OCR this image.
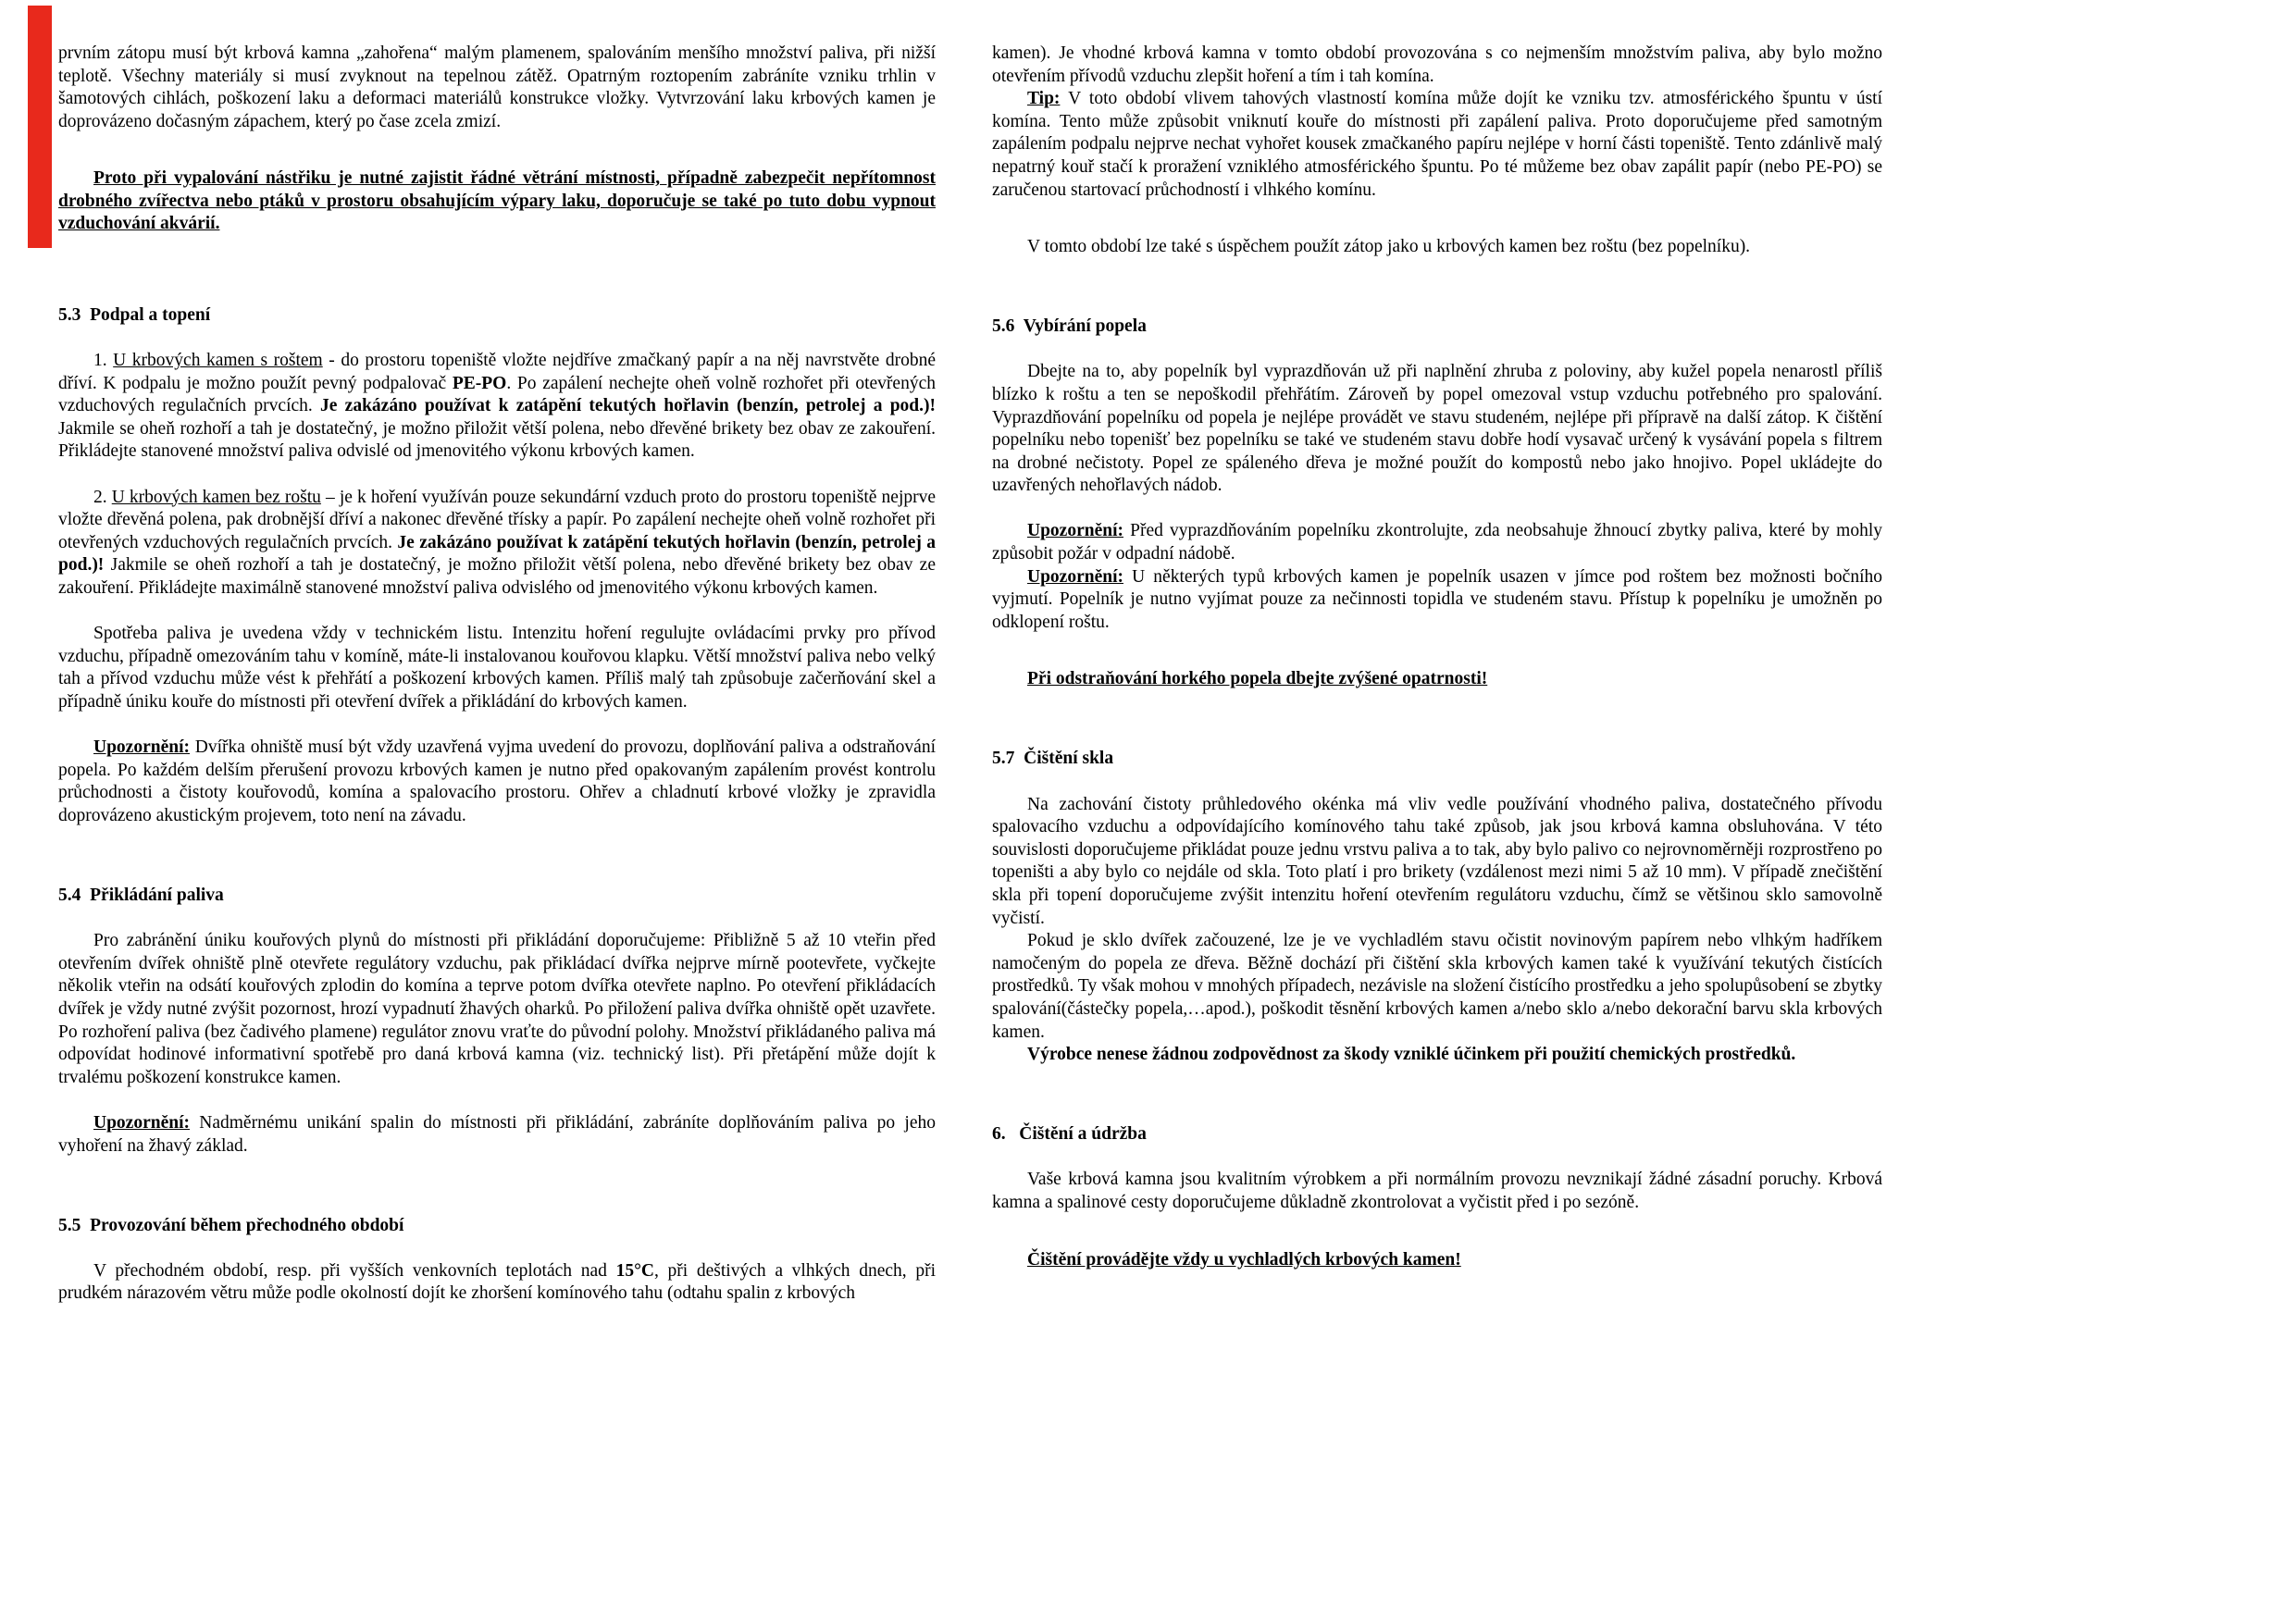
prvním zátopu musí být krbová kamna „zahořena“ malým plamenem, spalováním menšího množství paliva, při nižší teplotě. Všechny materiály si musí zvyknout na tepelnou zátěž. Opatrným roztopením zabráníte vzniku trhlin v šamotových cihlách, poškození laku a deformaci materiálů konstrukce vložky. Vytvrzování laku krbových kamen je doprovázeno dočasným zápachem, který po čase zcela zmizí.

Proto při vypalování nástřiku je nutné zajistit řádné větrání místnosti, případně zabezpečit nepřítomnost drobného zvířectva nebo ptáků v prostoru obsahujícím výpary laku, doporučuje se také po tuto dobu vypnout vzduchování akvárií.

5.3  Podpal a topení

1. U krbových kamen s roštem - do prostoru topeniště vložte nejdříve zmačkaný papír a na něj navrstvěte drobné dříví. K podpalu je možno použít pevný podpalovač PE-PO. Po zapálení nechejte oheň volně rozhořet při otevřených vzduchových regulačních prvcích. Je zakázáno používat k zatápění tekutých hořlavin (benzín, petrolej a pod.)! Jakmile se oheň rozhoří a tah je dostatečný, je možno přiložit větší polena, nebo dřevěné brikety bez obav ze zakouření. Přikládejte stanovené množství paliva odvislé od jmenovitého výkonu krbových kamen.

2. U krbových kamen bez roštu – je k hoření využíván pouze sekundární vzduch proto do prostoru topeniště nejprve vložte dřevěná polena, pak drobnější dříví a nakonec dřevěné třísky a papír. Po zapálení nechejte oheň volně rozhořet při otevřených vzduchových regulačních prvcích. Je zakázáno používat k zatápění tekutých hořlavin (benzín, petrolej a pod.)! Jakmile se oheň rozhoří a tah je dostatečný, je možno přiložit větší polena, nebo dřevěné brikety bez obav ze zakouření. Přikládejte maximálně stanovené množství paliva odvislého od jmenovitého výkonu krbových kamen.

Spotřeba paliva je uvedena vždy v technickém listu. Intenzitu hoření regulujte ovládacími prvky pro přívod vzduchu, případně omezováním tahu v komíně, máte-li instalovanou kouřovou klapku. Větší množství paliva nebo velký tah a přívod vzduchu může vést k přehřátí a poškození krbových kamen. Příliš malý tah způsobuje začerňování skel a případně úniku kouře do místnosti při otevření dvířek a přikládání do krbových kamen.

Upozornění: Dvířka ohniště musí být vždy uzavřená vyjma uvedení do provozu, doplňování paliva a odstraňování popela. Po každém delším přerušení provozu krbových kamen je nutno před opakovaným zapálením provést kontrolu průchodnosti a čistoty kouřovodů, komína a spalovacího prostoru. Ohřev a chladnutí krbové vložky je zpravidla doprovázeno akustickým projevem, toto není na závadu.

5.4  Přikládání paliva

Pro zabránění úniku kouřových plynů do místnosti při přikládání doporučujeme: Přibližně 5 až 10 vteřin před otevřením dvířek ohniště plně otevřete regulátory vzduchu, pak přikládací dvířka nejprve mírně pootevřete, vyčkejte několik vteřin na odsátí kouřových zplodin do komína a teprve potom dvířka otevřete naplno. Po otevření přikládacích dvířek je vždy nutné zvýšit pozornost, hrozí vypadnutí žhavých oharků. Po přiložení paliva dvířka ohniště opět uzavřete. Po rozhoření paliva (bez čadivého plamene) regulátor znovu vraťte do původní polohy. Množství přikládaného paliva má odpovídat hodinové informativní spotřebě pro daná krbová kamna (viz. technický list). Při přetápění může dojít k trvalému poškození konstrukce kamen.

Upozornění: Nadměrnému unikání spalin do místnosti při přikládání, zabráníte doplňováním paliva po jeho vyhoření na žhavý základ.

5.5  Provozování během přechodného období

V přechodném období, resp. při vyšších venkovních teplotách nad 15°C, při deštivých a vlhkých dnech, při prudkém nárazovém větru může podle okolností dojít ke zhoršení komínového tahu (odtahu spalin z krbových

kamen). Je vhodné krbová kamna v tomto období provozována s co nejmenším množstvím paliva, aby bylo možno otevřením přívodů vzduchu zlepšit hoření a tím i tah komína.

Tip: V toto období vlivem tahových vlastností komína může dojít ke vzniku tzv. atmosférického špuntu v ústí komína. Tento může způsobit vniknutí kouře do místnosti při zapálení paliva. Proto doporučujeme před samotným zapálením podpalu nejprve nechat vyhořet kousek zmačkaného papíru nejlépe v horní části topeniště. Tento zdánlivě malý nepatrný kouř stačí k proražení vzniklého atmosférického špuntu. Po té můžeme bez obav zapálit papír (nebo PE-PO) se zaručenou startovací průchodností i vlhkého komínu.

V tomto období lze také s úspěchem použít zátop jako u krbových kamen bez roštu (bez popelníku).

5.6  Vybírání popela

Dbejte na to, aby popelník byl vyprazdňován už při naplnění zhruba z poloviny, aby kužel popela nenarostl příliš blízko k roštu a ten se nepoškodil přehřátím. Zároveň by popel omezoval vstup vzduchu potřebného pro spalování. Vyprazdňování popelníku od popela je nejlépe provádět ve stavu studeném, nejlépe při přípravě na další zátop. K čištění popelníku nebo topenišť bez popelníku se také ve studeném stavu dobře hodí vysavač určený k vysávání popela s filtrem na drobné nečistoty. Popel ze spáleného dřeva je možné použít do kompostů nebo jako hnojivo. Popel ukládejte do uzavřených nehořlavých nádob.

Upozornění: Před vyprazdňováním popelníku zkontrolujte, zda neobsahuje žhnoucí zbytky paliva, které by mohly způsobit požár v odpadní nádobě.

Upozornění: U některých typů krbových kamen je popelník usazen v jímce pod roštem bez možnosti bočního vyjmutí. Popelník je nutno vyjímat pouze za nečinnosti topidla ve studeném stavu. Přístup k popelníku je umožněn po odklopení roštu.

Při odstraňování horkého popela dbejte zvýšené opatrnosti!

5.7  Čištění skla

Na zachování čistoty průhledového okénka má vliv vedle používání vhodného paliva, dostatečného přívodu spalovacího vzduchu a odpovídajícího komínového tahu také způsob, jak jsou krbová kamna obsluhována. V této souvislosti doporučujeme přikládat pouze jednu vrstvu paliva a to tak, aby bylo palivo co nejrovnoměrněji rozprostřeno po topeništi a aby bylo co nejdále od skla. Toto platí i pro brikety (vzdálenost mezi nimi 5 až 10 mm). V případě znečištění skla při topení doporučujeme zvýšit intenzitu hoření otevřením regulátoru vzduchu, čímž se většinou sklo samovolně vyčistí.

Pokud je sklo dvířek začouzené, lze je ve vychladlém stavu očistit novinovým papírem nebo vlhkým hadříkem namočeným do popela ze dřeva. Běžně dochází při čištění skla krbových kamen také k využívání tekutých čistících prostředků. Ty však mohou v mnohých případech, nezávisle na složení čistícího prostředku a jeho spolupůsobení se zbytky spalování(částečky popela,…apod.), poškodit těsnění krbových kamen a/nebo sklo a/nebo dekorační barvu skla krbových kamen.

Výrobce nenese žádnou zodpovědnost za škody vzniklé účinkem při použití chemických prostředků.

6.   Čištění a údržba

Vaše krbová kamna jsou kvalitním výrobkem a při normálním provozu nevznikají žádné zásadní poruchy. Krbová kamna a spalinové cesty doporučujeme důkladně zkontrolovat a vyčistit před i po sezóně.

Čištění provádějte vždy u vychladlých krbových kamen!
